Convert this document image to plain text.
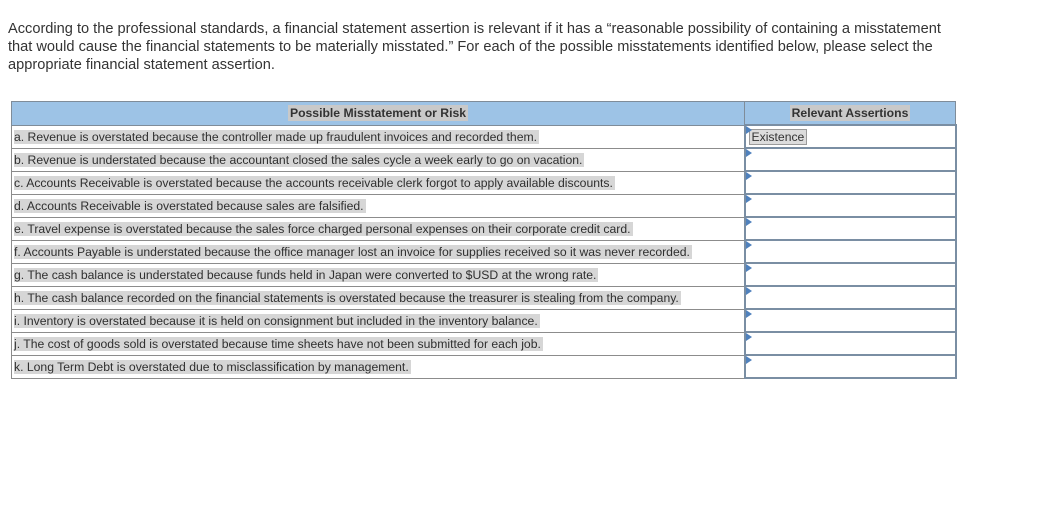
According to the professional standards, a financial statement assertion is relevant if it has a “reasonable possibility of containing a misstatement that would cause the financial statements to be materially misstated.” For each of the possible misstatements identified below, please select the appropriate financial statement assertion.

Possible Misstatement or Risk	Relevant Assertions
a. Revenue is overstated because the controller made up fraudulent invoices and recorded them.	Existence
b. Revenue is understated because the accountant closed the sales cycle a week early to go on vacation.	

c. Accounts Receivable is overstated because the accounts receivable clerk forgot to apply available discounts.	

d. Accounts Receivable is overstated because sales are falsified.	

e. Travel expense is overstated because the sales force charged personal expenses on their corporate credit card.	

f. Accounts Payable is understated because the office manager lost an invoice for supplies received so it was never recorded.	

g. The cash balance is understated because funds held in Japan were converted to $USD at the wrong rate.	

h. The cash balance recorded on the financial statements is overstated because the treasurer is stealing from the company.	

i. Inventory is overstated because it is held on consignment but included in the inventory balance.	

j. The cost of goods sold is overstated because time sheets have not been submitted for each job.	

k. Long Term Debt is overstated due to misclassification by management.	
